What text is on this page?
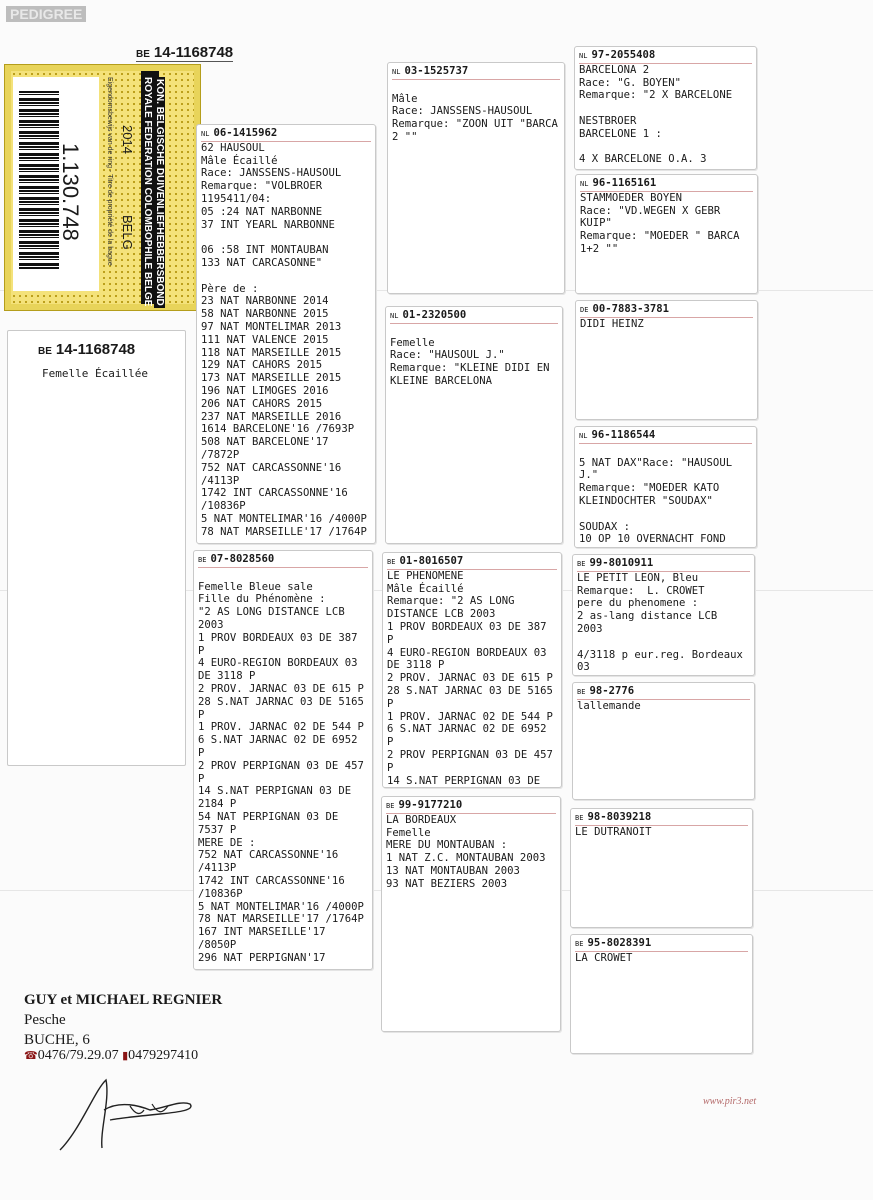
PEDIGREE
BE 14-1168748
1.130.748	KON. BELGISCHE DUIVENLIEFHEBBERSBOND
ROYALE FEDERATION COLOMBOPHILE BELGE
Eigendomsbewijs van de ring - Titre de propriété de la bague 2014
BELG
BE 14-1168748
Femelle Écaillée
NL 06-1415962
62 HAUSOUL
Mâle Écaillé
Race: JANSSENS-HAUSOUL
Remarque: "VOLBROER
1195411/04:
05 :24 NAT NARBONNE
37 INT YEARL NARBONNE

06 :58 INT MONTAUBAN
133 NAT CARCASONNE"

Père de :
23 NAT NARBONNE 2014
58 NAT NARBONNE 2015
97 NAT MONTELIMAR 2013
111 NAT VALENCE 2015
118 NAT MARSEILLE 2015
129 NAT CAHORS 2015
173 NAT MARSEILLE 2015
196 NAT LIMOGES 2016
206 NAT CAHORS 2015
237 NAT MARSEILLE 2016
1614 BARCELONE'16 /7693P
508 NAT BARCELONE'17
/7872P
752 NAT CARCASSONNE'16
/4113P
1742 INT CARCASSONNE'16
/10836P
5 NAT MONTELIMAR'16 /4000P
78 NAT MARSEILLE'17 /1764P
BE 07-8028560

Femelle Bleue sale
Fille du Phénomène :
"2 AS LONG DISTANCE LCB
2003
1 PROV BORDEAUX 03 DE 387
P
4 EURO-REGION BORDEAUX 03
DE 3118 P
2 PROV. JARNAC 03 DE 615 P
28 S.NAT JARNAC 03 DE 5165
P
1 PROV. JARNAC 02 DE 544 P
6 S.NAT JARNAC 02 DE 6952
P
2 PROV PERPIGNAN 03 DE 457
P
14 S.NAT PERPIGNAN 03 DE
2184 P
54 NAT PERPIGNAN 03 DE
7537 P
MERE DE :
752 NAT CARCASSONNE'16
/4113P
1742 INT CARCASSONNE'16
/10836P
5 NAT MONTELIMAR'16 /4000P
78 NAT MARSEILLE'17 /1764P
167 INT MARSEILLE'17
/8050P
296 NAT PERPIGNAN'17
NL 03-1525737

Mâle
Race: JANSSENS-HAUSOUL
Remarque: "ZOON UIT "BARCA
2 ""
NL 01-2320500

Femelle
Race: "HAUSOUL J."
Remarque: "KLEINE DIDI EN
KLEINE BARCELONA
BE 01-8016507
LE PHENOMENE
Mâle Écaillé
Remarque: "2 AS LONG
DISTANCE LCB 2003
1 PROV BORDEAUX 03 DE 387
P
4 EURO-REGION BORDEAUX 03
DE 3118 P
2 PROV. JARNAC 03 DE 615 P
28 S.NAT JARNAC 03 DE 5165
P
1 PROV. JARNAC 02 DE 544 P
6 S.NAT JARNAC 02 DE 6952
P
2 PROV PERPIGNAN 03 DE 457
P
14 S.NAT PERPIGNAN 03 DE
BE 99-9177210
LA BORDEAUX
Femelle
MERE DU MONTAUBAN :
1 NAT Z.C. MONTAUBAN 2003
13 NAT MONTAUBAN 2003
93 NAT BEZIERS 2003
NL 97-2055408
BARCELONA 2
Race: "G. BOYEN"
Remarque: "2 X BARCELONE

NESTBROER
BARCELONE 1 :

4 X BARCELONE O.A. 3
NL 96-1165161
STAMMOEDER BOYEN
Race: "VD.WEGEN X GEBR
KUIP"
Remarque: "MOEDER " BARCA
1+2 ""
DE 00-7883-3781
DIDI HEINZ
NL 96-1186544

5 NAT DAX"Race: "HAUSOUL
J."
Remarque: "MOEDER KATO
KLEINDOCHTER "SOUDAX"

SOUDAX :
10 OP 10 OVERNACHT FOND
BE 99-8010911
LE PETIT LEON, Bleu
Remarque:  L. CROWET
pere du phenomene :
2 as-lang distance LCB
2003

4/3118 p eur.reg. Bordeaux
03
BE 98-2776
lallemande
BE 98-8039218
LE DUTRANOIT
BE 95-8028391
LA CROWET
GUY et MICHAEL REGNIER
Pesche
BUCHE, 6
☎0476/79.29.07 ▮0479297410
www.pir3.net
